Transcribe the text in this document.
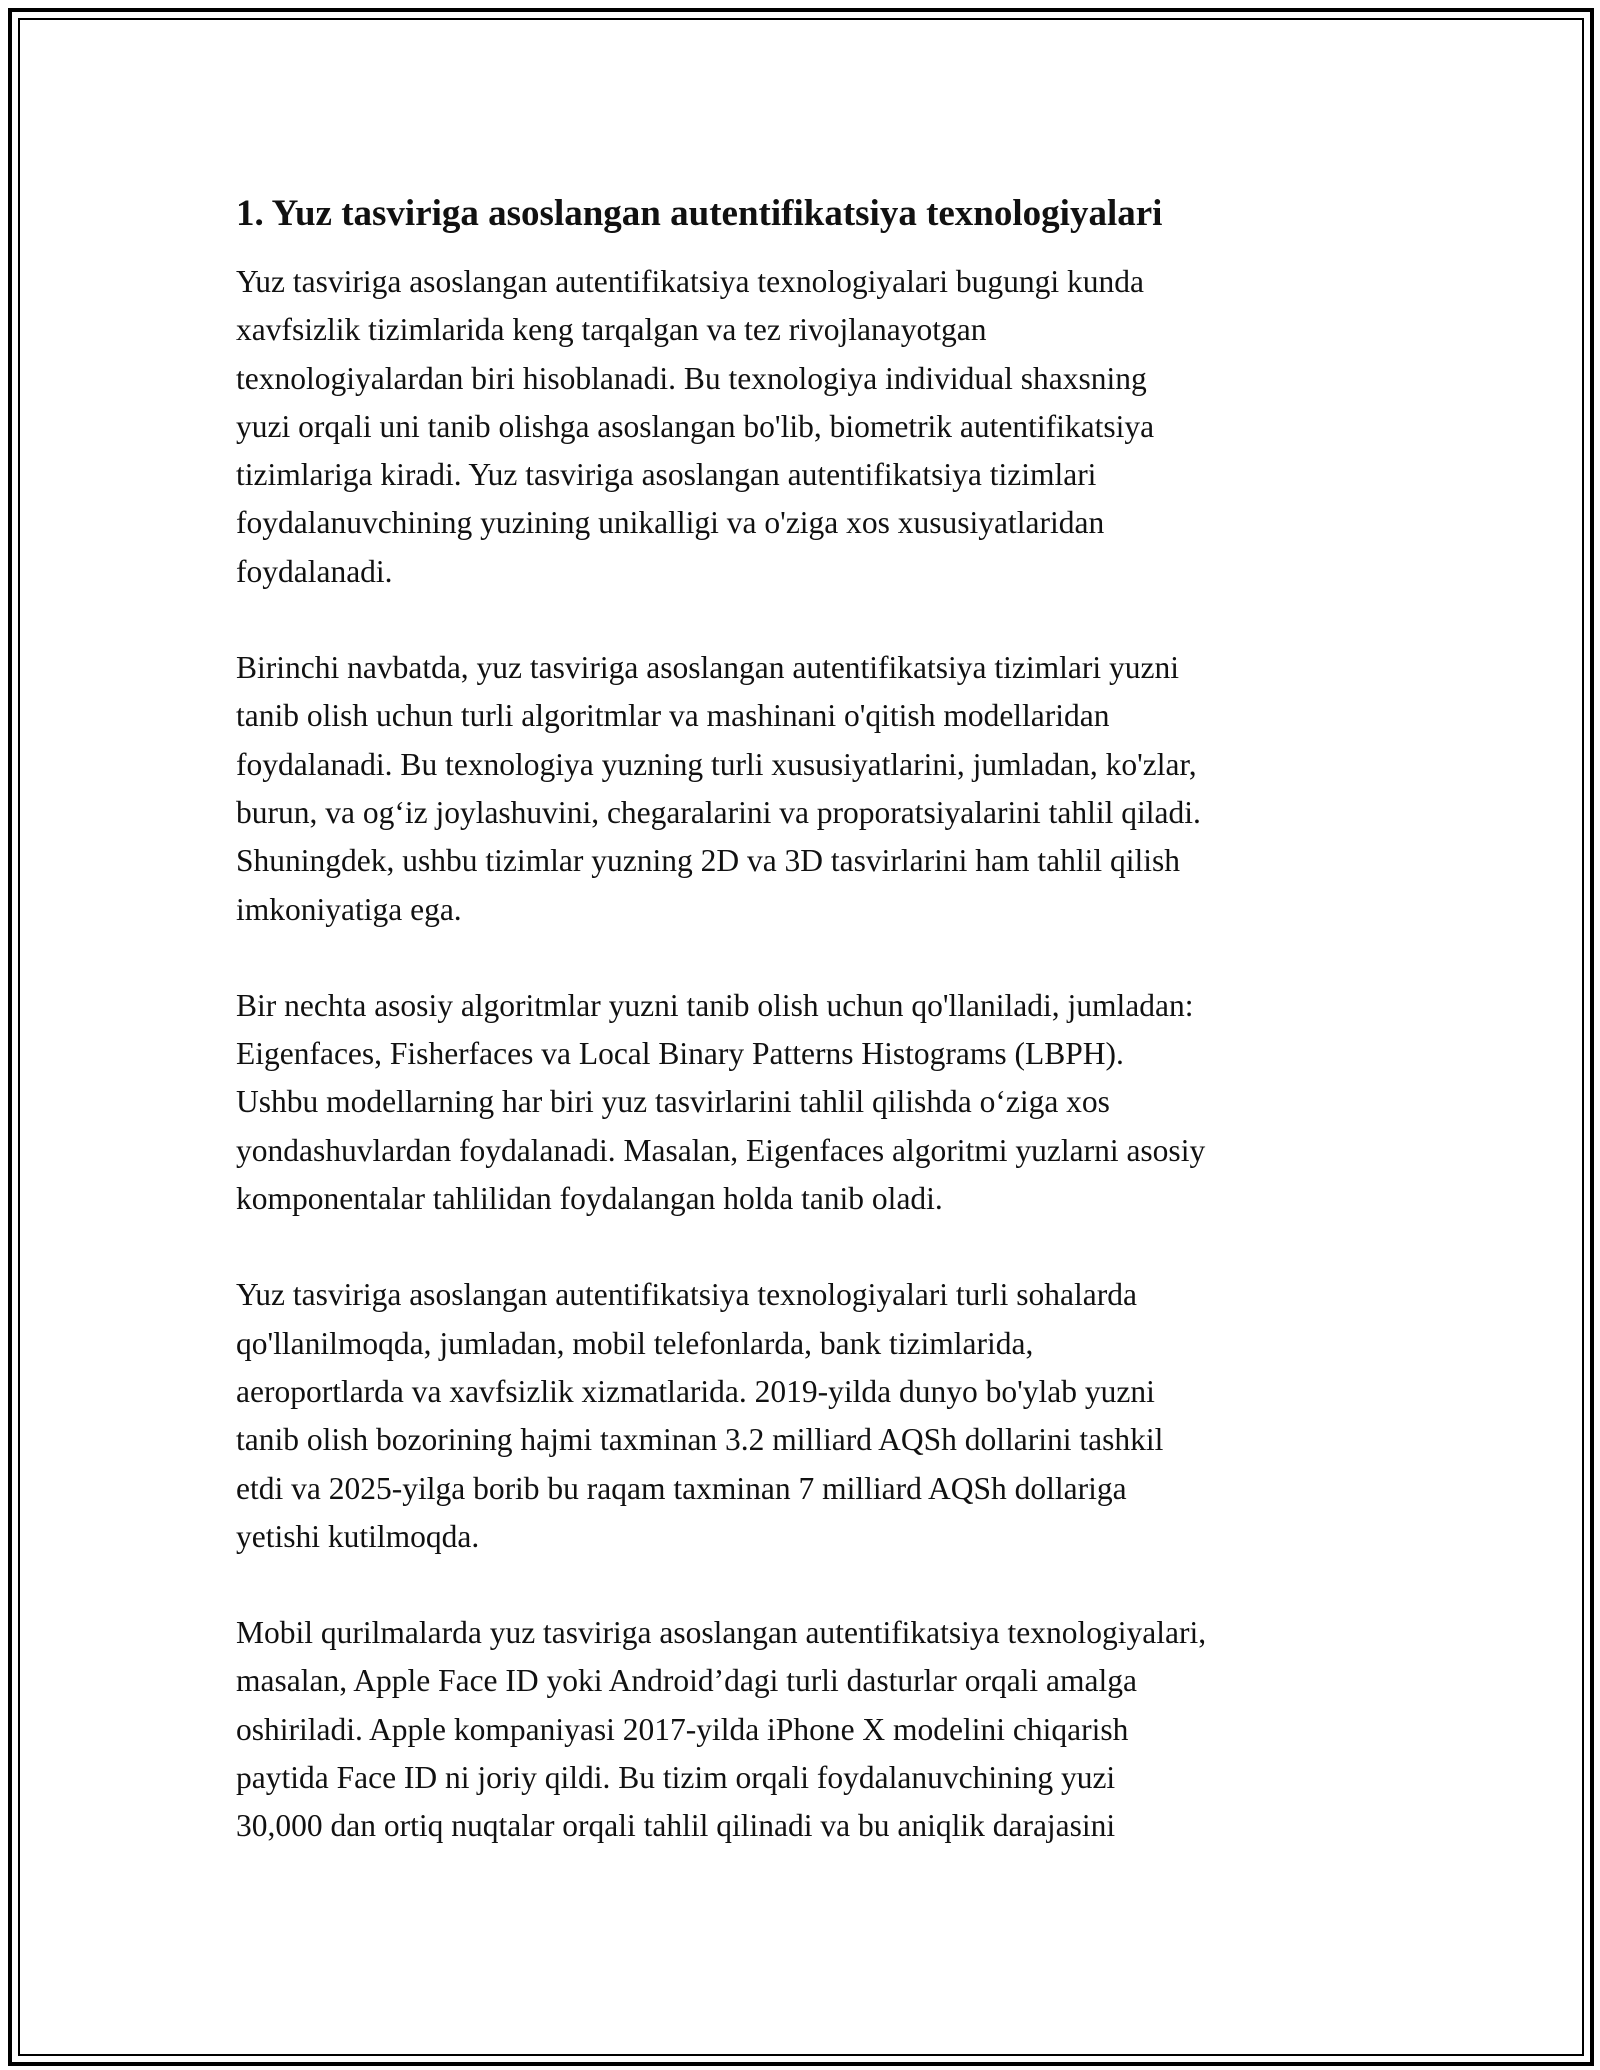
1. Yuz tasviriga asoslangan autentifikatsiya texnologiyalari

Yuz tasviriga asoslangan autentifikatsiya texnologiyalari bugungi kunda
xavfsizlik tizimlarida keng tarqalgan va tez rivojlanayotgan
texnologiyalardan biri hisoblanadi. Bu texnologiya individual shaxsning
yuzi orqali uni tanib olishga asoslangan bo'lib, biometrik autentifikatsiya
tizimlariga kiradi. Yuz tasviriga asoslangan autentifikatsiya tizimlari
foydalanuvchining yuzining unikalligi va o'ziga xos xususiyatlaridan
foydalanadi.

Birinchi navbatda, yuz tasviriga asoslangan autentifikatsiya tizimlari yuzni
tanib olish uchun turli algoritmlar va mashinani o'qitish modellaridan
foydalanadi. Bu texnologiya yuzning turli xususiyatlarini, jumladan, ko'zlar,
burun, va og‘iz joylashuvini, chegaralarini va proporatsiyalarini tahlil qiladi.
Shuningdek, ushbu tizimlar yuzning 2D va 3D tasvirlarini ham tahlil qilish
imkoniyatiga ega.

Bir nechta asosiy algoritmlar yuzni tanib olish uchun qo'llaniladi, jumladan:
Eigenfaces, Fisherfaces va Local Binary Patterns Histograms (LBPH).
Ushbu modellarning har biri yuz tasvirlarini tahlil qilishda o‘ziga xos
yondashuvlardan foydalanadi. Masalan, Eigenfaces algoritmi yuzlarni asosiy
komponentalar tahlilidan foydalangan holda tanib oladi.

Yuz tasviriga asoslangan autentifikatsiya texnologiyalari turli sohalarda
qo'llanilmoqda, jumladan, mobil telefonlarda, bank tizimlarida,
aeroportlarda va xavfsizlik xizmatlarida. 2019-yilda dunyo bo'ylab yuzni
tanib olish bozorining hajmi taxminan 3.2 milliard AQSh dollarini tashkil
etdi va 2025-yilga borib bu raqam taxminan 7 milliard AQSh dollariga
yetishi kutilmoqda.

Mobil qurilmalarda yuz tasviriga asoslangan autentifikatsiya texnologiyalari,
masalan, Apple Face ID yoki Android’dagi turli dasturlar orqali amalga
oshiriladi. Apple kompaniyasi 2017-yilda iPhone X modelini chiqarish
paytida Face ID ni joriy qildi. Bu tizim orqali foydalanuvchining yuzi
30,000 dan ortiq nuqtalar orqali tahlil qilinadi va bu aniqlik darajasini
